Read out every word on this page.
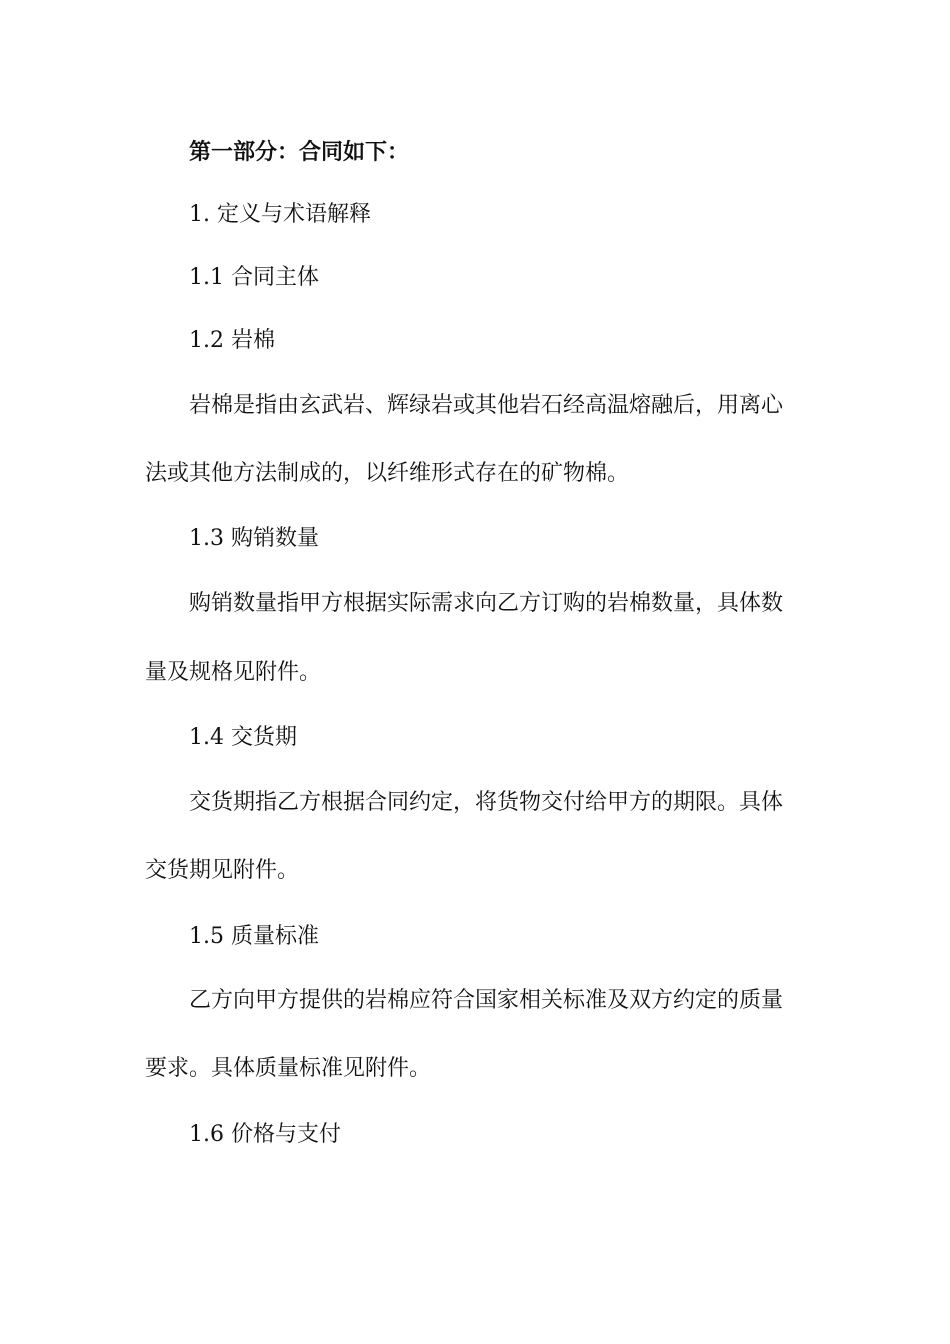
第一部分：合同如下：

1. 定义与术语解释

1.1 合同主体

1.2 岩棉

岩棉是指由玄武岩、辉绿岩或其他岩石经高温熔融后，用离心

法或其他方法制成的，以纤维形式存在的矿物棉。

1.3 购销数量

购销数量指甲方根据实际需求向乙方订购的岩棉数量，具体数

量及规格见附件。

1.4 交货期

交货期指乙方根据合同约定，将货物交付给甲方的期限。具体

交货期见附件。

1.5 质量标准

乙方向甲方提供的岩棉应符合国家相关标准及双方约定的质量

要求。具体质量标准见附件。

1.6 价格与支付
